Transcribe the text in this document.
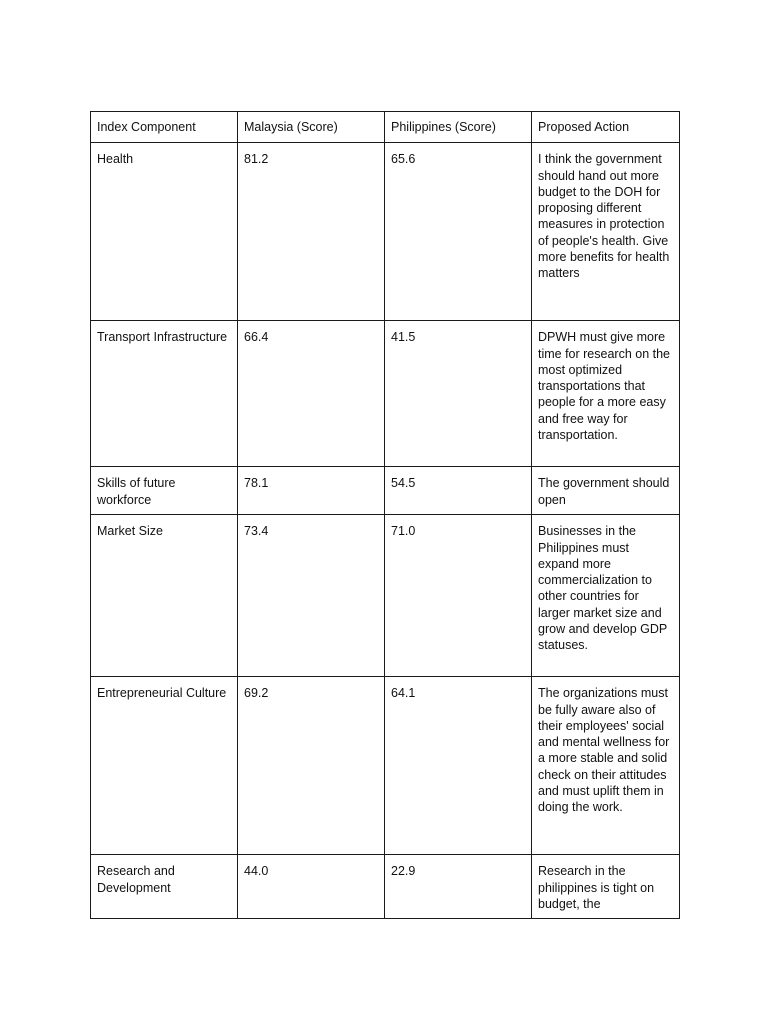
Index Component	Malaysia (Score)	Philippines (Score)	Proposed Action
Health	81.2	65.6	I think the government should hand out more budget to the DOH for proposing different measures in protection of people's health. Give more benefits for health matters
Transport Infrastructure	66.4	41.5	DPWH must give more time for research on the most optimized transportations that people for a more easy and free way for transportation.
Skills of future workforce	78.1	54.5	The government should open
Market Size	73.4	71.0	Businesses in the Philippines must expand more commercialization to other countries for larger market size and grow and develop GDP statuses.
Entrepreneurial Culture	69.2	64.1	The organizations must be fully aware also of their employees' social and mental wellness for a more stable and solid check on their attitudes and must uplift them in doing the work.
Research and Development	44.0	22.9	Research in the philippines is tight on budget, the
